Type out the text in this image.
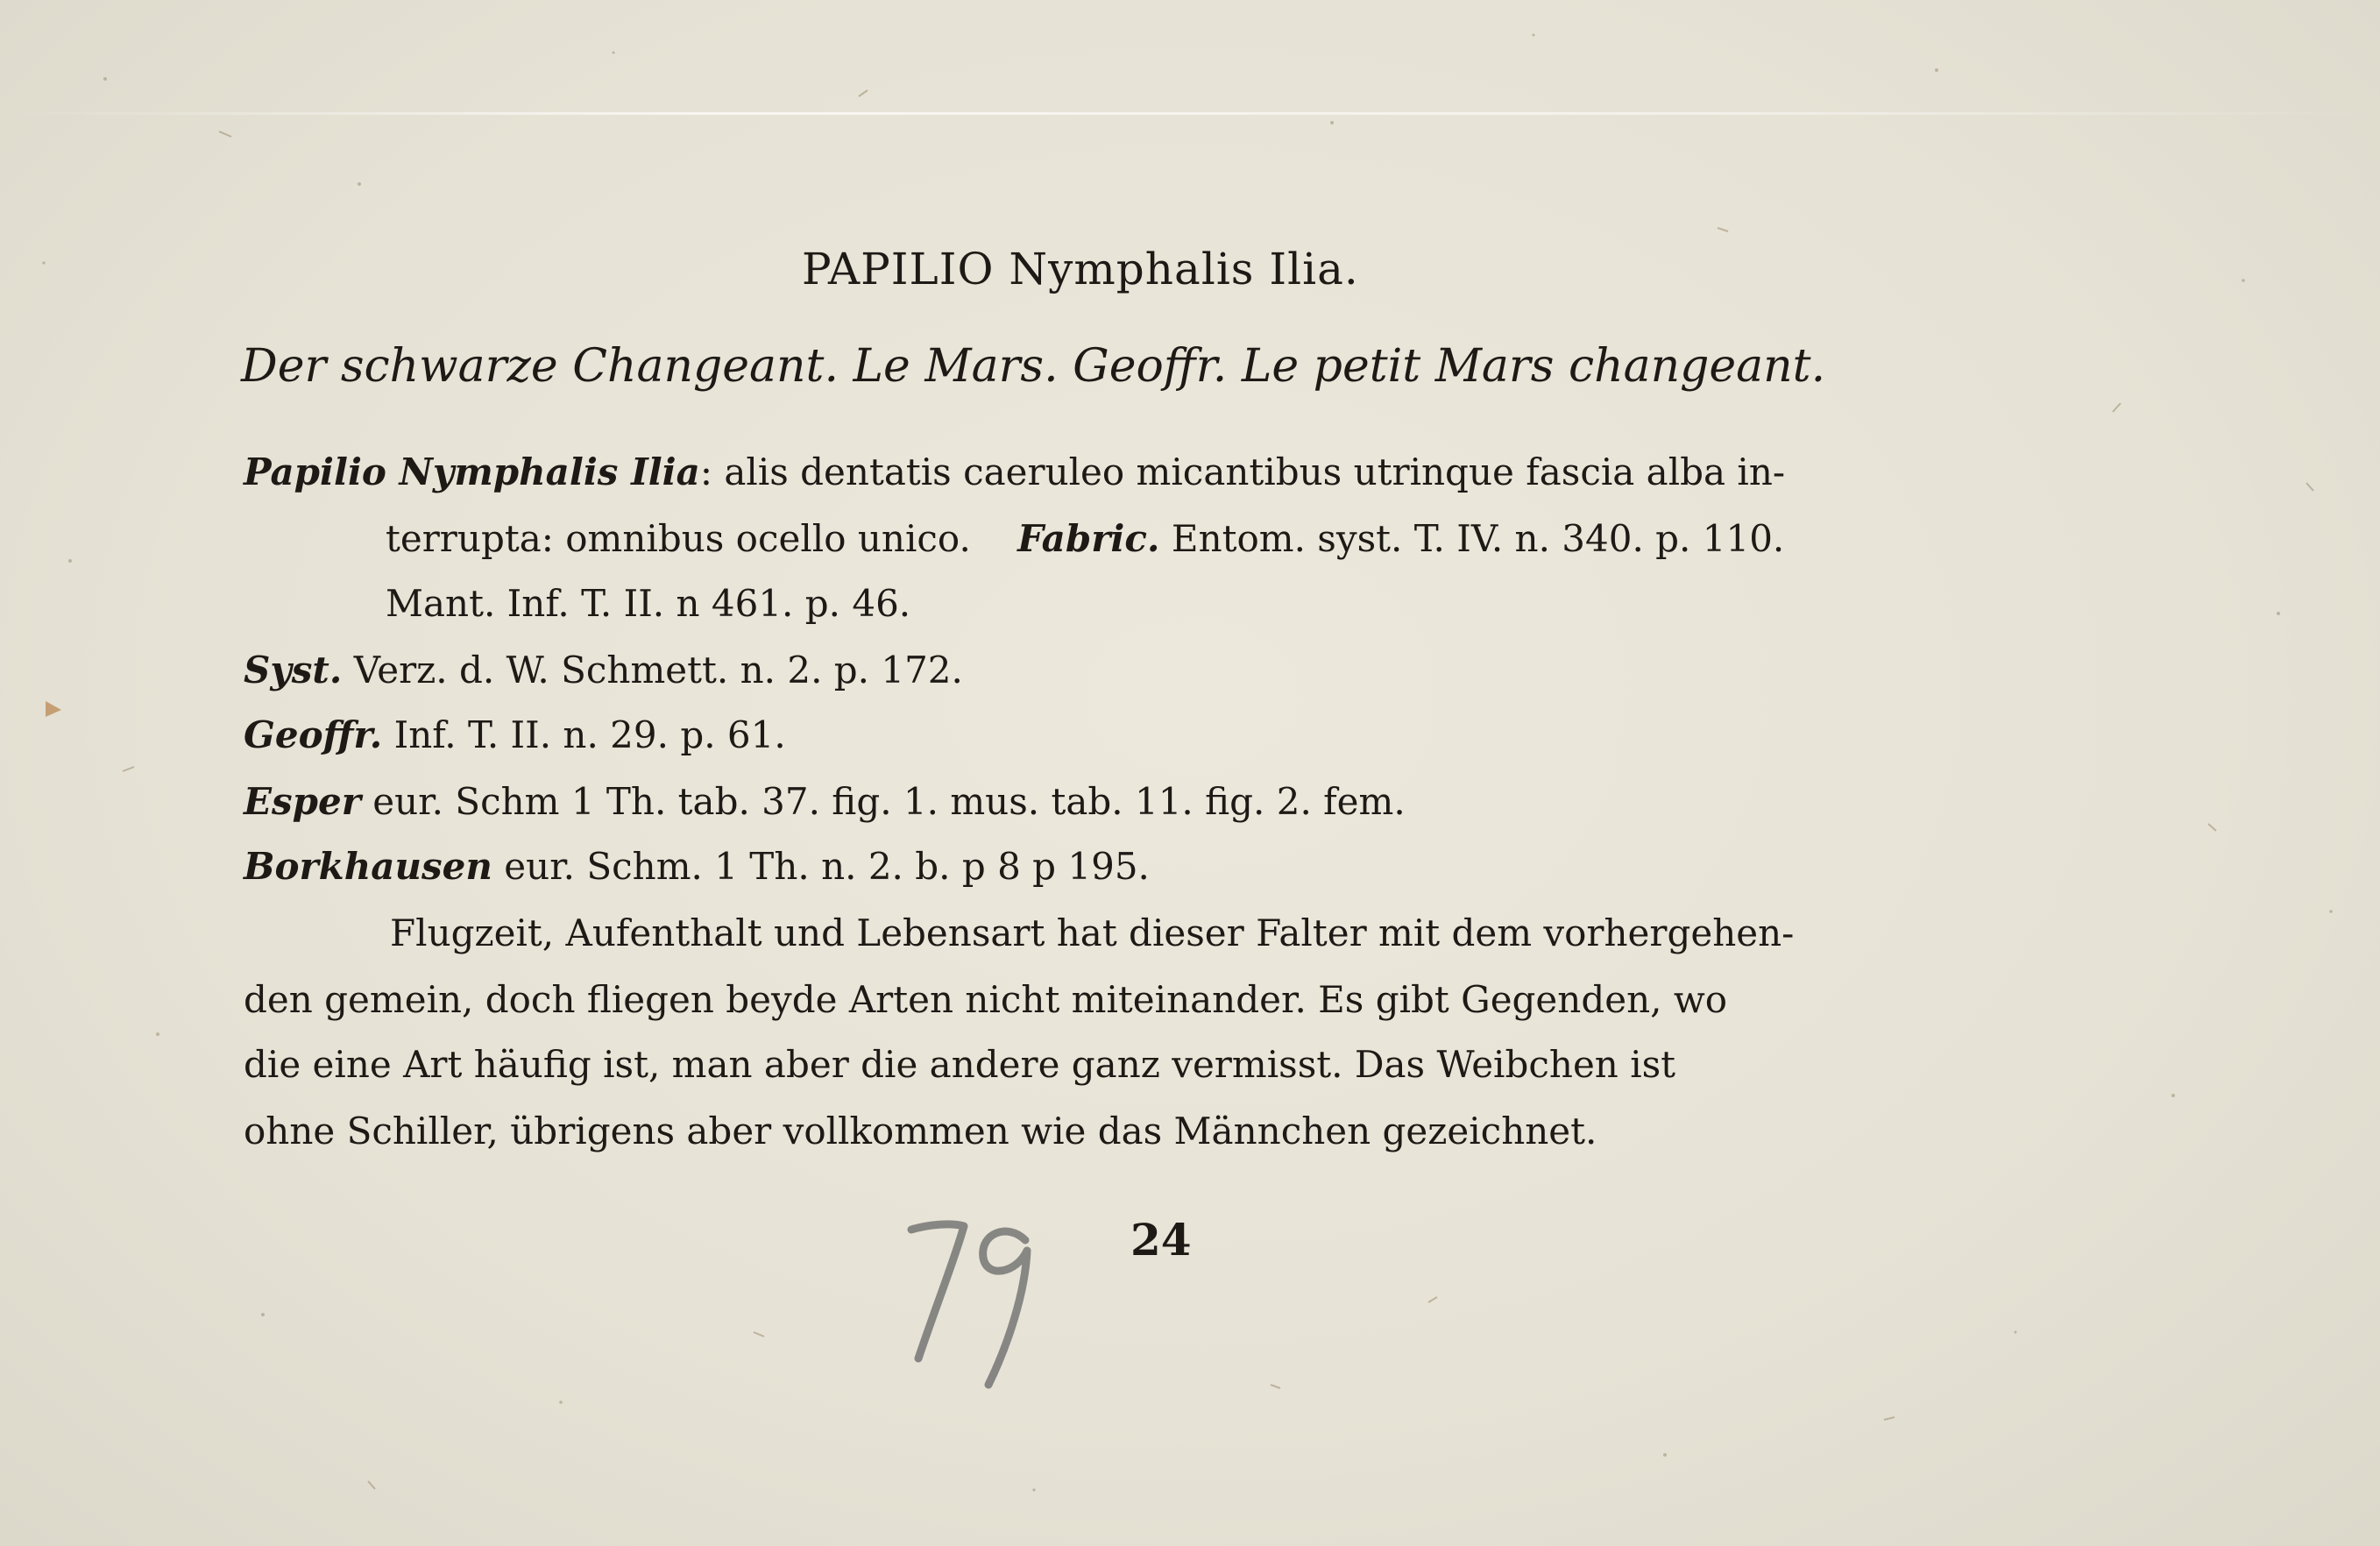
PAPILIO Nymphalis Ilia.
Der schwarze Changeant. Le Mars. Geoffr. Le petit Mars changeant.
Papilio Nymphalis Ilia: alis dentatis caeruleo micantibus utrinque fascia alba in-
terrupta: omnibus ocello unico. Fabric. Entom. syst. T. IV. n. 340. p. 110.
Mant. Inf. T. II. n 461. p. 46.
Syst. Verz. d. W. Schmett. n. 2. p. 172.
Geoffr. Inf. T. II. n. 29. p. 61.
Esper eur. Schm 1 Th. tab. 37. fig. 1. mus. tab. 11. fig. 2. fem.
Borkhausen eur. Schm. 1 Th. n. 2. b. p 8 p 195.
Flugzeit, Aufenthalt und Lebensart hat dieser Falter mit dem vorhergehen-
den gemein, doch fliegen beyde Arten nicht miteinander. Es gibt Gegenden, wo
die eine Art häufig ist, man aber die andere ganz vermisst. Das Weibchen ist
ohne Schiller, übrigens aber vollkommen wie das Männchen gezeichnet.
24
